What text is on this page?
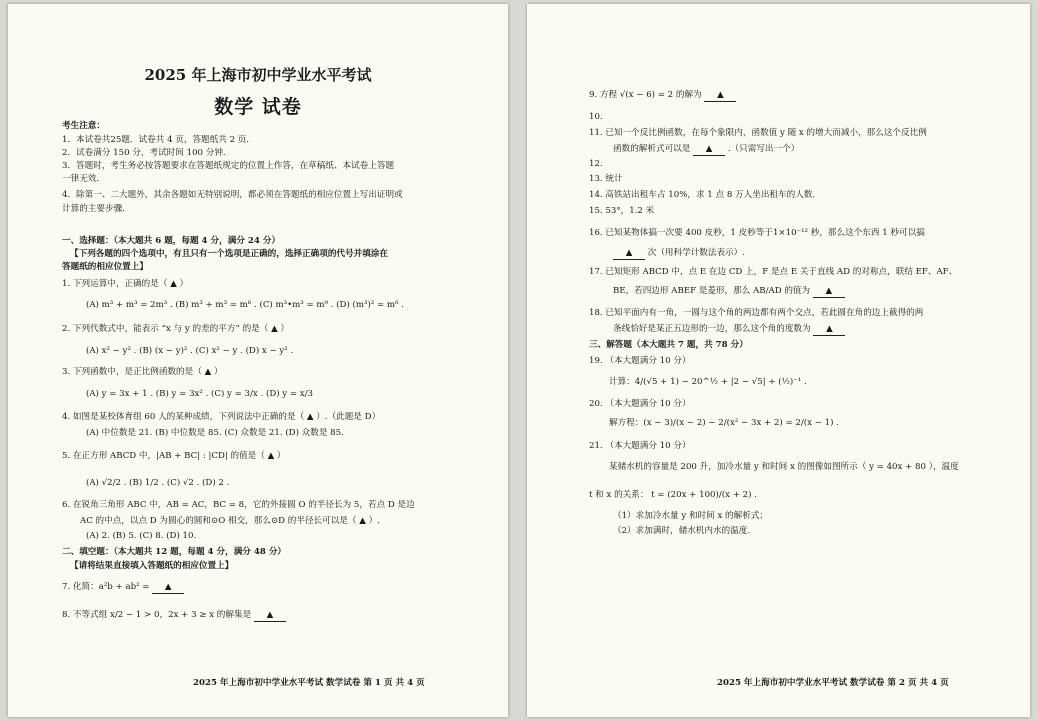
2025 年上海市初中学业水平考试
数学 试卷
考生注意：
1．本试卷共25题．试卷共 4 页，答题纸共 2 页．
2．试卷满分 150 分，考试时间 100 分钟．
3．答题时，考生务必按答题要求在答题纸规定的位置上作答，在草稿纸、本试卷上答题
一律无效．
4．除第一、二大题外，其余各题如无特别说明，都必须在答题纸的相应位置上写出证明或
计算的主要步骤．
一、选择题：（本大题共 6 题，每题 4 分，满分 24 分）
【下列各题的四个选项中，有且只有一个选项是正确的，选择正确项的代号并填涂在
答题纸的相应位置上】
1. 下列运算中，正确的是（ ▲ ）
(A) m³ + m³ = 2m³ . (B) m³ + m³ = m⁶ . (C) m³•m³ = m⁹ . (D) (m³)² = m⁶ .
2. 下列代数式中，能表示 “x 与 y 的差的平方” 的是（ ▲ ）
(A) x² − y² . (B) (x − y)² . (C) x² − y . (D) x − y² .
3. 下列函数中，是正比例函数的是（ ▲ ）
(A) y = 3x + 1 . (B) y = 3x² . (C) y = 3/x . (D) y = x/3
4. 如图是某校体育组 60 人的某种成绩，下列说法中正确的是（ ▲ ）.（此题是 D）
(A) 中位数是 21. (B) 中位数是 85. (C) 众数是 21. (D) 众数是 85.
5. 在正方形 ABCD 中，|AB + BC| : |CD| 的值是（ ▲ ）
(A) √2/2 . (B) 1/2 . (C) √2 . (D) 2 .
6. 在锐角三角形 ABC 中，AB = AC，BC = 8，它的外接圆 O 的半径长为 5，若点 D 是边
AC 的中点，以点 D 为圆心的圆和⊙O 相交，那么⊙D 的半径长可以是（ ▲ ）.
(A) 2. (B) 5. (C) 8. (D) 10.
二、填空题：（本大题共 12 题，每题 4 分，满分 48 分）
【请将结果直接填入答题纸的相应位置上】
7. 化简：a²b + ab² = ▲
8. 不等式组 x/2 − 1 > 0，2x + 3 ≥ x 的解集是 ▲
2025 年上海市初中学业水平考试 数学试卷 第 1 页 共 4 页
9. 方程 √(x − 6) = 2 的解为 ▲
10.
11. 已知一个反比例函数，在每个象限内，函数值 y 随 x 的增大而减小，那么这个反比例
函数的解析式可以是 ▲ .（只需写出一个）
12.
13. 统计
14. 高铁站出租车占 10%，求 1 点 8 万人坐出租车的人数.
15. 53°，1.2 米
16. 已知某物体搞一次要 400 皮秒，1 皮秒等于1×10⁻¹² 秒，那么这个东西 1 秒可以搞
▲ 次（用科学计数法表示）.
17. 已知矩形 ABCD 中，点 E 在边 CD 上，F 是点 E 关于直线 AD 的对称点，联结 EF、AF、
BE，若四边形 ABEF 是菱形，那么 AB/AD 的值为 ▲
18. 已知平面内有一角，一圆与这个角的两边都有两个交点，若此圆在角的边上截得的两
条线恰好是某正五边形的一边，那么这个角的度数为 ▲
三、解答题（本大题共 7 题，共 78 分）
19. （本大题满分 10 分）
计算：4/(√5 + 1) − 20^½ + |2 − √5| + (½)⁻¹ .
20. （本大题满分 10 分）
解方程：(x − 3)/(x − 2) − 2/(x² − 3x + 2) = 2/(x − 1) .
21. （本大题满分 10 分）
某储水机的容量是 200 升，加冷水量 y 和时间 x 的图像如图所示（ y = 40x + 80 ），温度
t 和 x 的关系： t = (20x + 100)/(x + 2) .
（1）求加冷水量 y 和时间 x 的解析式；
（2）求加满时，储水机内水的温度.
2025 年上海市初中学业水平考试 数学试卷 第 2 页 共 4 页
